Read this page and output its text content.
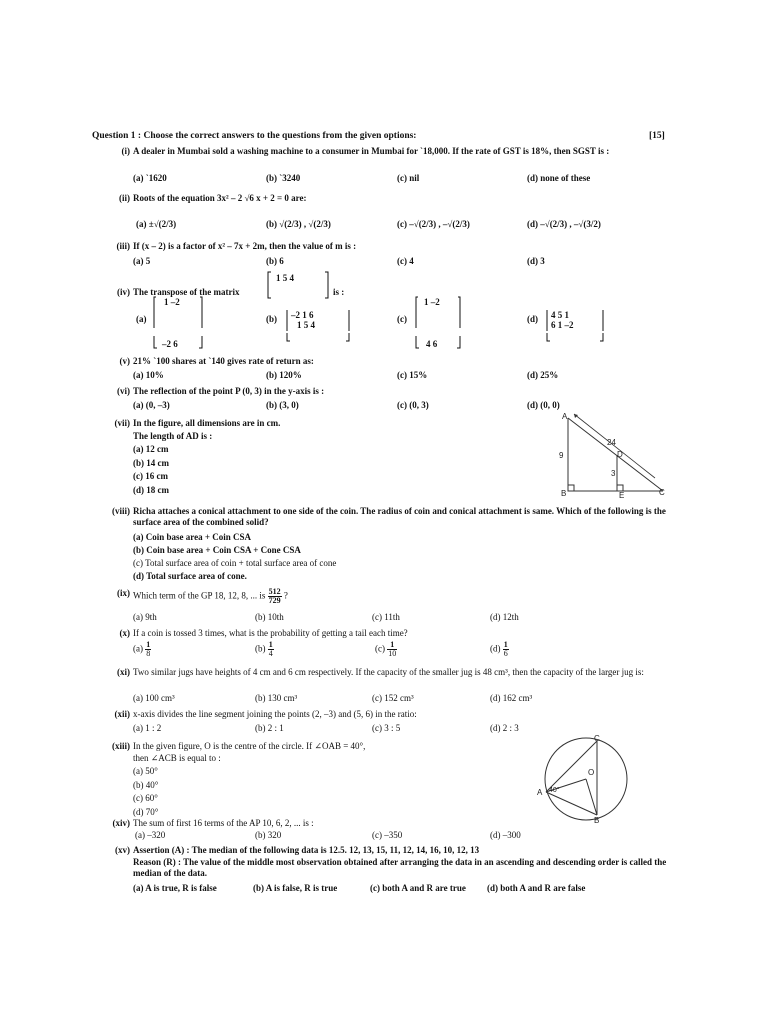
Question 1 : Choose the correct answers to the questions from the given options:	[15]
(i) A dealer in Mumbai sold a washing machine to a consumer in Mumbai for `18,000. If the rate of GST is 18%, then SGST is :
(a) `1620	(b) `3240	(c) nil	(d) none of these
(ii) Roots of the equation 3x² – 2 √6 x + 2 = 0 are:
(a) ±√(2/3)	(b) √(2/3) , √(2/3)	(c) –√(2/3) , –√(2/3)	(d) –√(2/3) , –√(3/2)
(iii) If (x – 2) is a factor of x² – 7x + 2m, then the value of m is :
(a) 5	(b) 6	(c) 4	(d) 3
(iv) The transpose of the matrix
1 5 4
is :
(a)
1 –2
–2 6
(b) –2 1 6
1 5 4
(c)
1 –2
4 6
(d) 4 5 1
6 1 –2
(v) 21% `100 shares at `140 gives rate of return as:
(a) 10%	(b) 120%	(c) 15%	(d) 25%
(vi) The reflection of the point P (0, 3) in the y-axis is :
(a) (0, –3)	(b) (3, 0)	(c) (0, 3)	(d) (0, 0)
(vii) In the figure, all dimensions are in cm.
The length of AD is :
(a) 12 cm
(b) 14 cm
(c) 16 cm
(d) 18 cm
A
B	C
D
E
24
9
3
(viii) Richa attaches a conical attachment to one side of the coin. The radius of coin and conical attachment is same. Which of the following is the surface area of the combined solid?
(a) Coin base area + Coin CSA
(b) Coin base area + Coin CSA + Cone CSA
(c) Total surface area of coin + total surface area of cone
(d) Total surface area of cone.
(ix) Which term of the GP 18, 12, 8, ... is $\frac{512}{729}$ ?
(a) 9th	(b) 10th	(c) 11th	(d) 12th
(x) If a coin is tossed 3 times, what is the probability of getting a tail each time?
$(a) \frac{1}{8}$	$(b) \frac{1}{4}$	$(c) \frac{1}{10}$	$(d) \frac{1}{6}$
(xi) Two similar jugs have heights of 4 cm and 6 cm respectively. If the capacity of the smaller jug is 48 cm³, then the capacity of the larger jug is:
(a) 100 cm³	(b) 130 cm³	(c) 152 cm³	(d) 162 cm³
(xii) x-axis divides the line segment joining the points (2, –3) and (5, 6) in the ratio:
(a) 1 : 2	(b) 2 : 1	(c) 3 : 5	(d) 2 : 3
(xiii) In the given figure, O is the centre of the circle. If ∠OAB = 40°,
then ∠ACB is equal to :
(a) 50°
(b) 40°
(c) 60°
(d) 70°
C
O
A
B
40°
(xiv) The sum of first 16 terms of the AP 10, 6, 2, ... is :
(a) –320	(b) 320	(c) –350	(d) –300
(xv) Assertion (A) : The median of the following data is 12.5. 12, 13, 15, 11, 12, 14, 16, 10, 12, 13
Reason (R) : The value of the middle most observation obtained after arranging the data in an ascending and descending order is called the median of the data.
(a) A is true, R is false	(b) A is false, R is true	(c) both A and R are true (d) both A and R are false
